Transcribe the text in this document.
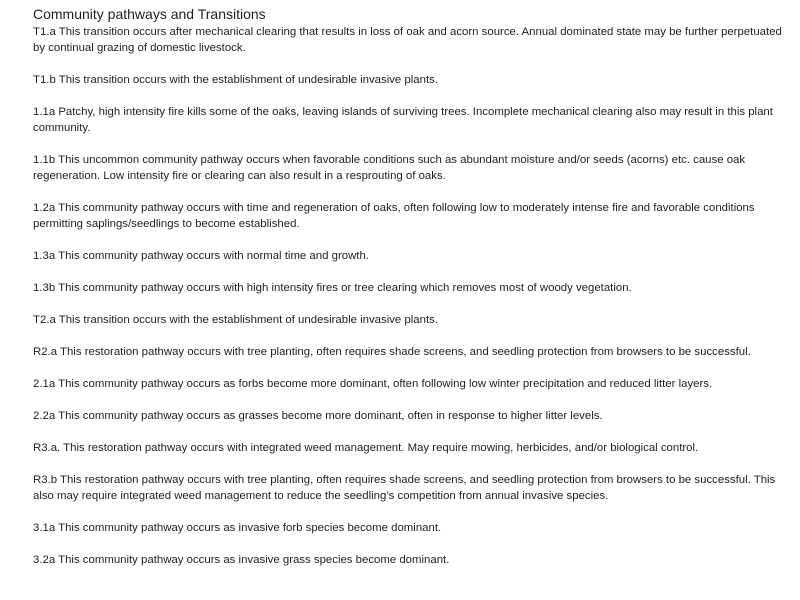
Community pathways and Transitions

T1.a This transition occurs after mechanical clearing that results in loss of oak and acorn source. Annual dominated state may be further perpetuated by continual grazing of domestic livestock.

T1.b This transition occurs with the establishment of undesirable invasive plants.

1.1a Patchy, high intensity fire kills some of the oaks, leaving islands of surviving trees. Incomplete mechanical clearing also may result in this plant community.

1.1b This uncommon community pathway occurs when favorable conditions such as abundant moisture and/or seeds (acorns) etc. cause oak regeneration. Low intensity fire or clearing can also result in a resprouting of oaks.

1.2a This community pathway occurs with time and regeneration of oaks, often following low to moderately intense fire and favorable conditions permitting saplings/seedlings to become established.

1.3a This community pathway occurs with normal time and growth.

1.3b This community pathway occurs with high intensity fires or tree clearing which removes most of woody vegetation.

T2.a This transition occurs with the establishment of undesirable invasive plants.

R2.a This restoration pathway occurs with tree planting, often requires shade screens, and seedling protection from browsers to be successful.

2.1a This community pathway occurs as forbs become more dominant, often following low winter precipitation and reduced litter layers.

2.2a This community pathway occurs as grasses become more dominant, often in response to higher litter levels.

R3.a. This restoration pathway occurs with integrated weed management. May require mowing, herbicides, and/or biological control.

R3.b This restoration pathway occurs with tree planting, often requires shade screens, and seedling protection from browsers to be successful. This also may require integrated weed management to reduce the seedling’s competition from annual invasive species.

3.1a This community pathway occurs as invasive forb species become dominant.

3.2a This community pathway occurs as invasive grass species become dominant.
